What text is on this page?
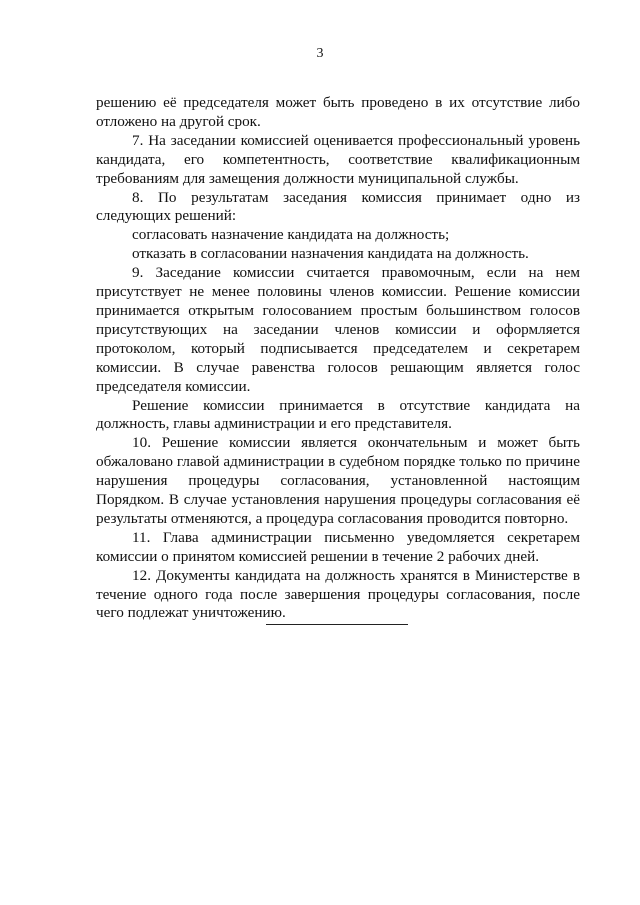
3

решению её председателя может быть проведено в их отсутствие либо отложено на другой срок.

7. На заседании комиссией оценивается профессиональный уровень кандидата, его компетентность, соответствие квалификационным требованиям для замещения должности муниципальной службы.

8. По результатам заседания комиссия принимает одно из следующих решений:

согласовать назначение кандидата на должность;

отказать в согласовании назначения кандидата на должность.

9. Заседание комиссии считается правомочным, если на нем присутствует не менее половины членов комиссии. Решение комиссии принимается открытым голосованием простым большинством голосов присутствующих на заседании членов комиссии и оформляется протоколом, который подписывается председателем и секретарем комиссии. В случае равенства голосов решающим является голос председателя комиссии.

Решение комиссии принимается в отсутствие кандидата на должность, главы администрации и его представителя.

10. Решение комиссии является окончательным и может быть обжаловано главой администрации в судебном порядке только по причине нарушения процедуры согласования, установленной настоящим Порядком. В случае установления нарушения процедуры согласования её результаты отменяются, а процедура согласования проводится повторно.

11. Глава администрации письменно уведомляется секретарем комиссии о принятом комиссией решении в течение 2 рабочих дней.

12. Документы кандидата на должность хранятся в Министерстве в течение одного года после завершения процедуры согласования, после чего подлежат уничтожению.
